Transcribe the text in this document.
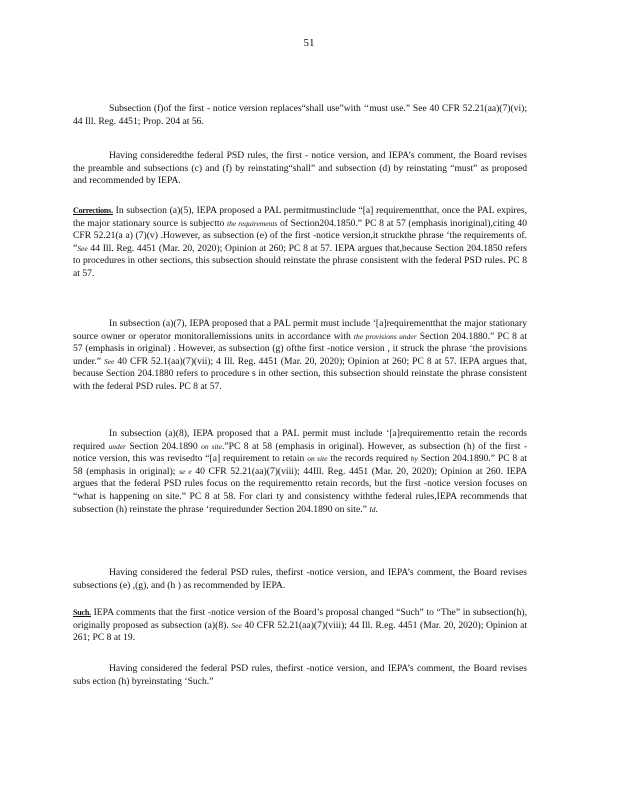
51

Subsection (f)of the first - notice version replaces“shall use”with ‘‘must use.” See 40 CFR 52.21(aa)(7)(vi); 44 Ill. Reg. 4451; Prop. 204 at 56.

Having consideredthe federal PSD rules, the first - notice version, and IEPA’s comment, the Board revises the preamble and subsections (c) and (f) by reinstating“shall” and subsection (d) by reinstating “must” as proposed and recommended by IEPA.

Corrections. In subsection (a)(5), IEPA proposed a PAL permitmustinclude “[a] requirementthat, once the PAL expires, the major stationary source is subjectto the requirements of Section204.1850.” PC 8 at 57 (emphasis inoriginal),citing 40 CFR 52.21(a a) (7)(v) .However, as subsection (e) of the first -notice version,it struckthe phrase ‘the requirements of. ”See 44 Ill. Reg. 4451 (Mar. 20, 2020); Opinion at 260; PC 8 at 57. IEPA argues that,because Section 204.1850 refers to procedures in other sections, this subsection should reinstate the phrase consistent with the federal PSD rules. PC 8 at 57.

In subsection (a)(7), IEPA proposed that a PAL permit must include ‘[a]requirementthat the major stationary source owner or operator monitorallemissions units in accordance with the provisions under Section 204.1880.” PC 8 at 57 (emphasis in original) . However, as subsection (g) ofthe first -notice version , it struck the phrase ‘the provisions under.” See 40 CFR 52.1(aa)(7)(vii); 4 Ill. Reg. 4451 (Mar. 20, 2020); Opinion at 260; PC 8 at 57. IEPA argues that, because Section 204.1880 refers to procedure s in other section, this subsection should reinstate the phrase consistent with the federal PSD rules. PC 8 at 57.

In subsection (a)(8), IEPA proposed that a PAL permit must include ‘[a]requirementto retain the records required under Section 204.1890 on site.”PC 8 at 58 (emphasis in original). However, as subsection (h) of the first -notice version, this was revisedto “[a] requirement to retain on site the records required by Section 204.1890.” PC 8 at 58 (emphasis in original); se e 40 CFR 52.21(aa)(7)(viii); 44Ill. Reg. 4451 (Mar. 20, 2020); Opinion at 260. IEPA argues that the federal PSD rules focus on the requirementto retain records, but the first -notice version focuses on “what is happening on site.” PC 8 at 58. For clari ty and consistency withthe federal rules,IEPA recommends that subsection (h) reinstate the phrase ‘requiredunder Section 204.1890 on site.” Id.

Having considered the federal PSD rules, thefirst -notice version, and IEPA’s comment, the Board revises subsections (e) ,(g), and (h ) as recommended by IEPA.

Such. IEPA comments that the first -notice version of the Board’s proposal changed “Such” to “The” in subsection(h), originally proposed as subsection (a)(8). See 40 CFR 52.21(aa)(7)(viii); 44 Ill. R.eg. 4451 (Mar. 20, 2020); Opinion at 261; PC 8 at 19.

Having considered the federal PSD rules, thefirst -notice version, and IEPA’s comment, the Board revises subs ection (h) byreinstating ‘Such.”
